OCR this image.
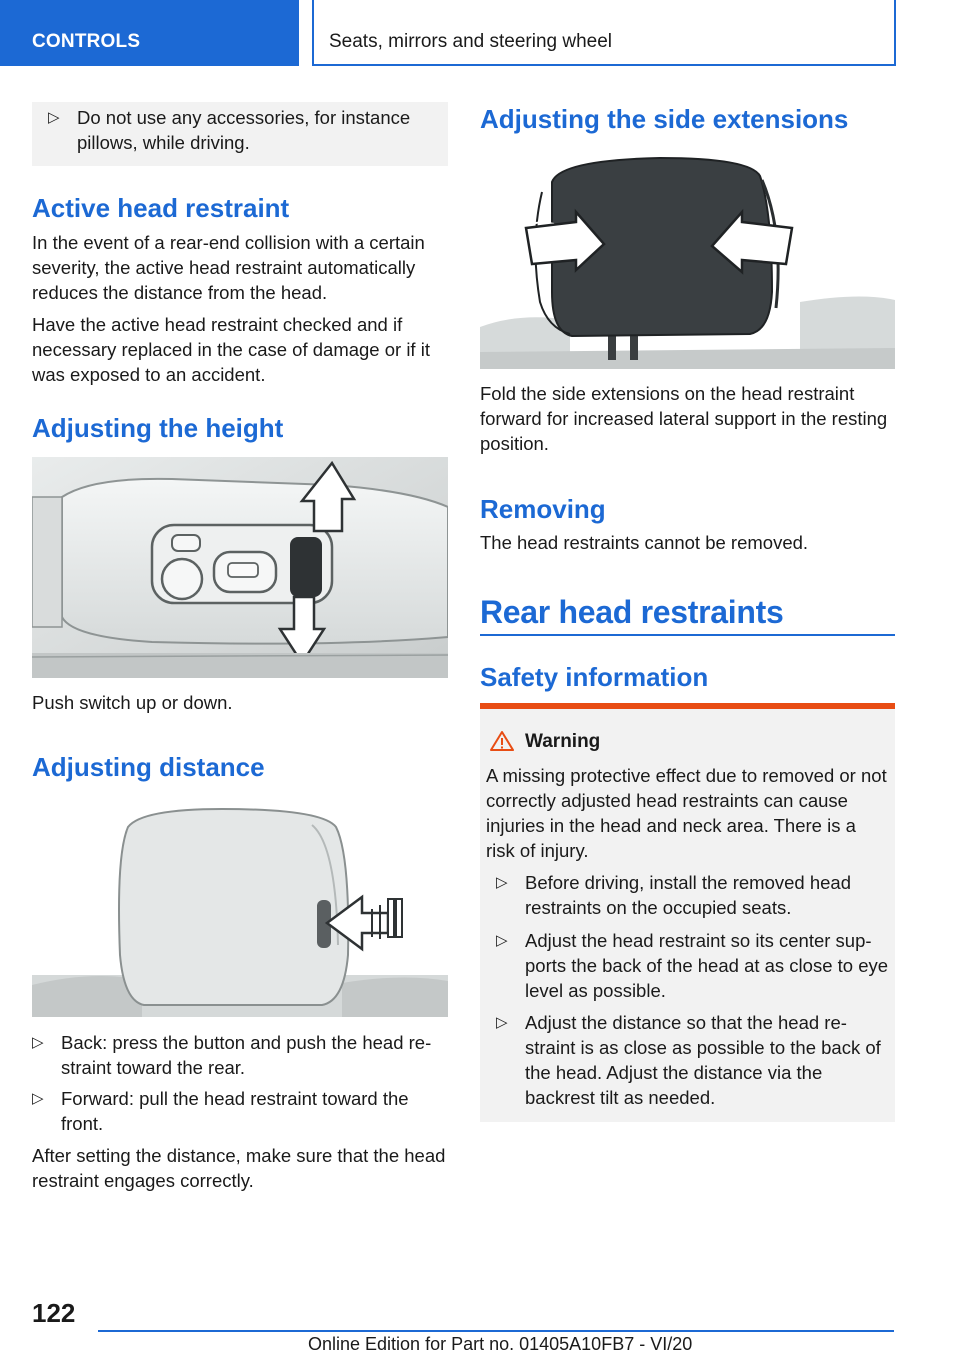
CONTROLS	Seats, mirrors and steering wheel
▷ Do not use any accessories, for instance pillows, while driving.
Active head restraint
In the event of a rear-end collision with a certain severity, the active head restraint automatically reduces the distance from the head.
Have the active head restraint checked and if necessary replaced in the case of damage or if it was exposed to an accident.
Adjusting the height
Push switch up or down.
Adjusting distance
▷ Back: press the button and push the head restraint toward the rear.
▷ Forward: pull the head restraint toward the front.
After setting the distance, make sure that the head restraint engages correctly.
Adjusting the side extensions
Fold the side extensions on the head restraint forward for increased lateral support in the resting position.
Removing
The head restraints cannot be removed.
Rear head restraints
Safety information
Warning
A missing protective effect due to removed or not correctly adjusted head restraints can cause injuries in the head and neck area. There is a risk of injury.
▷ Before driving, install the removed head restraints on the occupied seats.
▷ Adjust the head restraint so its center supports the back of the head at as close to eye level as possible.
▷ Adjust the distance so that the head restraint is as close as possible to the back of the head. Adjust the distance via the backrest tilt as needed.
122
Online Edition for Part no. 01405A10FB7 - VI/20
